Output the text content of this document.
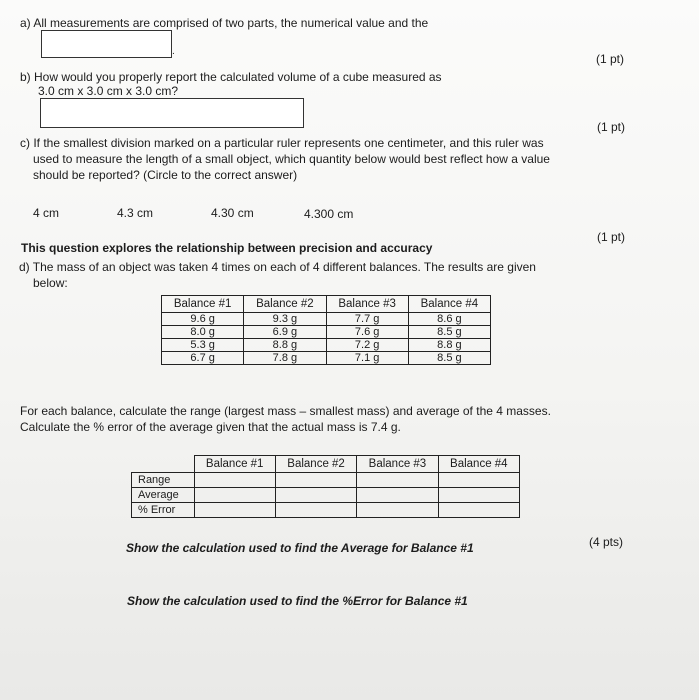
a) All measurements are comprised of two parts, the numerical value and the
.
(1 pt)
b) How would you properly report the calculated volume of a cube measured as
3.0 cm x 3.0 cm x 3.0 cm?
(1 pt)
c) If the smallest division marked on a particular ruler represents one centimeter, and this ruler was
used to measure the length of a small object, which quantity below would best reflect how a value
should be reported? (Circle to the correct answer)
4 cm	4.3 cm	4.30 cm	4.300 cm
(1 pt)
This question explores the relationship between precision and accuracy
d) The mass of an object was taken 4 times on each of 4 different balances. The results are given
below:
Balance #1	Balance #2	Balance #3	Balance #4
9.6 g	9.3 g	7.7 g	8.6 g
8.0 g	6.9 g	7.6 g	8.5 g
5.3 g	8.8 g	7.2 g	8.8 g
6.7 g	7.8 g	7.1 g	8.5 g
For each balance, calculate the range (largest mass – smallest mass) and average of the 4 masses.
Calculate the % error of the average given that the actual mass is 7.4 g.
	Balance #1	Balance #2	Balance #3	Balance #4
Range				
Average				
% Error				
(4 pts)
Show the calculation used to find the Average for Balance #1
Show the calculation used to find the %Error for Balance #1
